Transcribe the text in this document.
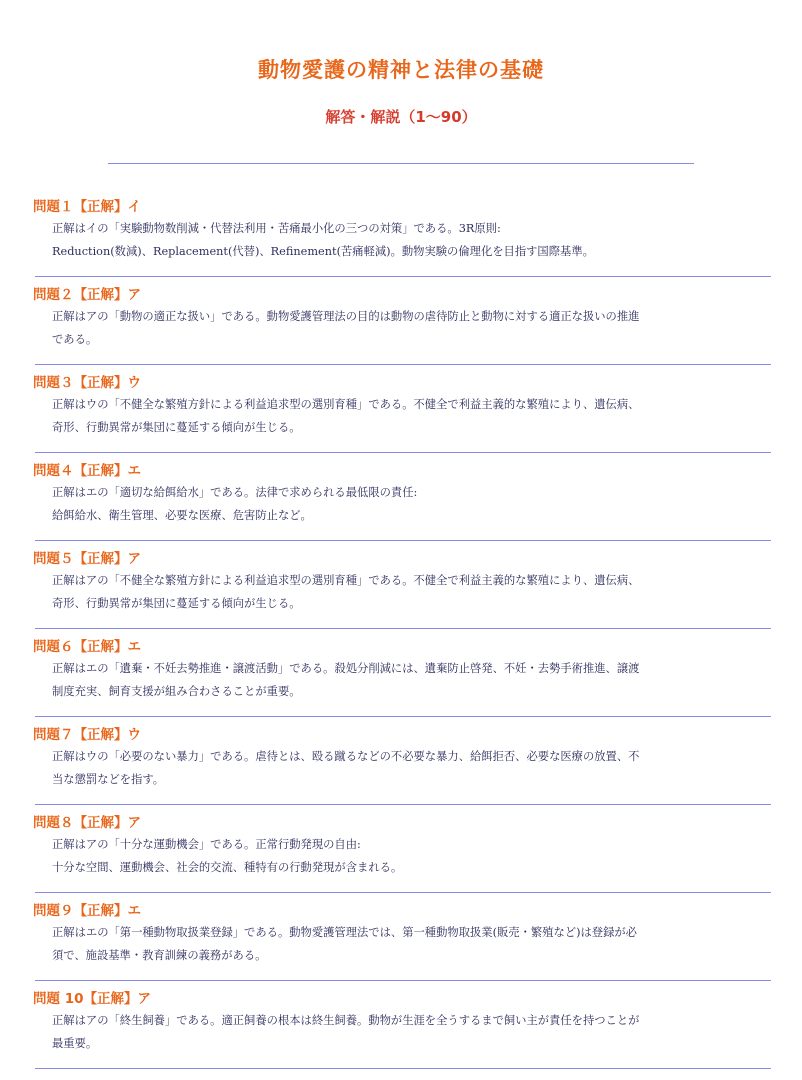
動物愛護の精神と法律の基礎
解答・解説（1〜90）
問題１【正解】イ
正解はイの「実験動物数削減・代替法利用・苦痛最小化の三つの対策」である。3R原則:
Reduction(数減)、Replacement(代替)、Refinement(苦痛軽減)。動物実験の倫理化を目指す国際基準。
問題２【正解】ア
正解はアの「動物の適正な扱い」である。動物愛護管理法の目的は動物の虐待防止と動物に対する適正な扱いの推進
である。
問題３【正解】ウ
正解はウの「不健全な繁殖方針による利益追求型の選別育種」である。不健全で利益主義的な繁殖により、遺伝病、
奇形、行動異常が集団に蔓延する傾向が生じる。
問題４【正解】エ
正解はエの「適切な給餌給水」である。法律で求められる最低限の責任:
給餌給水、衛生管理、必要な医療、危害防止など。
問題５【正解】ア
正解はアの「不健全な繁殖方針による利益追求型の選別育種」である。不健全で利益主義的な繁殖により、遺伝病、
奇形、行動異常が集団に蔓延する傾向が生じる。
問題６【正解】エ
正解はエの「遺棄・不妊去勢推進・譲渡活動」である。殺処分削減には、遺棄防止啓発、不妊・去勢手術推進、譲渡
制度充実、飼育支援が組み合わさることが重要。
問題７【正解】ウ
正解はウの「必要のない暴力」である。虐待とは、殴る蹴るなどの不必要な暴力、給餌拒否、必要な医療の放置、不
当な懲罰などを指す。
問題８【正解】ア
正解はアの「十分な運動機会」である。正常行動発現の自由:
十分な空間、運動機会、社会的交流、種特有の行動発現が含まれる。
問題９【正解】エ
正解はエの「第一種動物取扱業登録」である。動物愛護管理法では、第一種動物取扱業(販売・繁殖など)は登録が必
須で、施設基準・教育訓練の義務がある。
問題 10【正解】ア
正解はアの「終生飼養」である。適正飼養の根本は終生飼養。動物が生涯を全うするまで飼い主が責任を持つことが
最重要。
